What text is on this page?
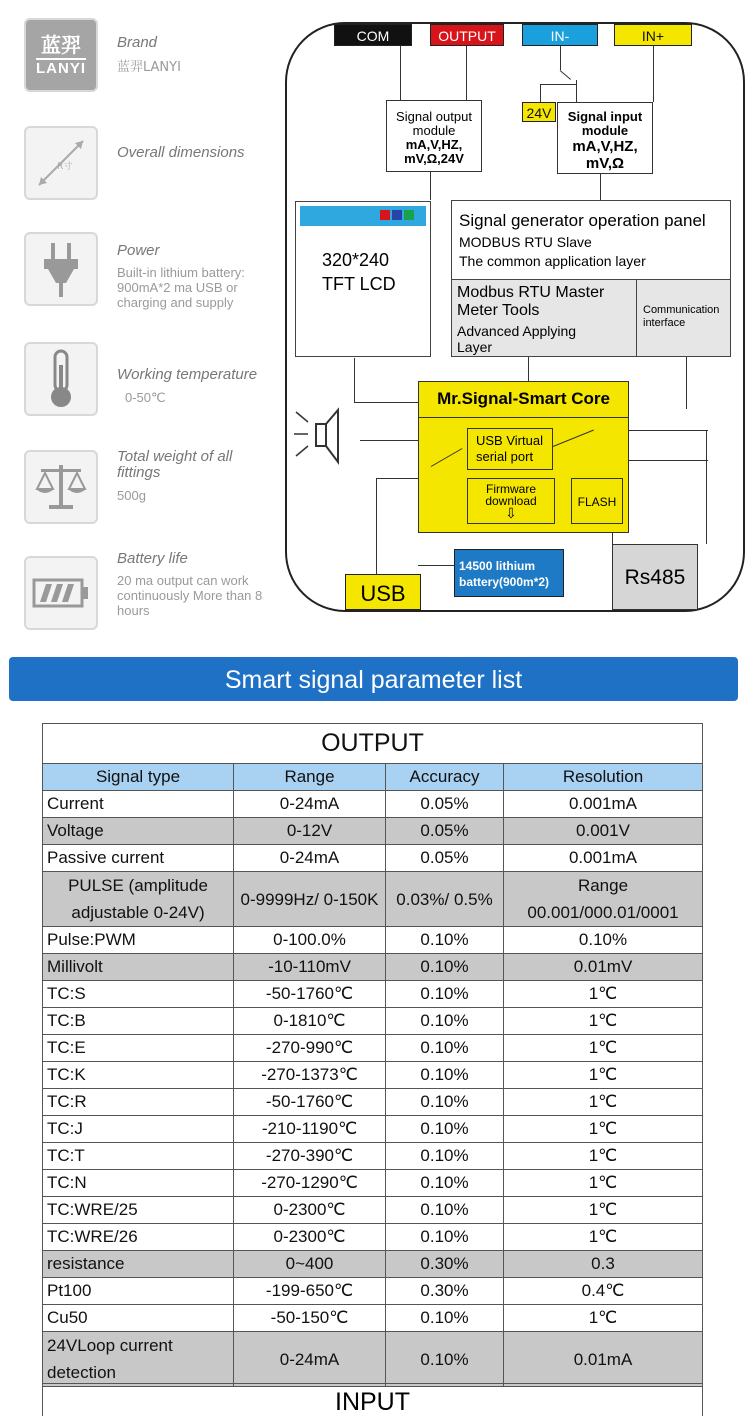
蓝羿
LANYI
Brand
蓝羿LANYI
R寸
Overall dimensions
Power
Built-in lithium battery: 900mA*2 ma USB or charging and supply
Working temperature
0-50℃
Total weight of all fittings
500g
Battery life
20 ma output can work continuously More than 8 hours
COM	OUTPUT	IN-	IN+
Signal output
module
mA,V,HZ,
mV,Ω,24V
24V	Signal input
module
mA,V,HZ,
mV,Ω
320*240
TFT LCD
Signal generator operation panel
MODBUS RTU Slave
The common application layer
Modbus RTU Master
Meter Tools
Advanced Applying
Layer
Communication
interface
Mr.Signal-Smart Core
USB Virtual serial port
Firmware download
⇩
FLASH
14500 lithium
battery(900m*2)
USB
Rs485
Smart signal parameter list
OUTPUT			
Signal type	Range	Accuracy	Resolution
Current	0-24mA	0.05%	0.001mA
Voltage	0-12V	0.05%	0.001V
Passive current	0-24mA	0.05%	0.001mA
PULSE (amplitude adjustable 0-24V)	0-9999Hz/ 0-150K	0.03%/ 0.5%	Range 00.001/000.01/0001
Pulse:PWM	0-100.0%	0.10%	0.10%
Millivolt	-10-110mV	0.10%	0.01mV
TC:S	-50-1760℃	0.10%	1℃
TC:B	0-1810℃	0.10%	1℃
TC:E	-270-990℃	0.10%	1℃
TC:K	-270-1373℃	0.10%	1℃
TC:R	-50-1760℃	0.10%	1℃
TC:J	-210-1190℃	0.10%	1℃
TC:T	-270-390℃	0.10%	1℃
TC:N	-270-1290℃	0.10%	1℃
TC:WRE/25	0-2300℃	0.10%	1℃
TC:WRE/26	0-2300℃	0.10%	1℃
resistance	0~400	0.30%	0.3
Pt100	-199-650℃	0.30%	0.4℃
Cu50	-50-150℃	0.10%	1℃
24VLoop current detection	0-24mA	0.10%	0.01mA
INPUT
